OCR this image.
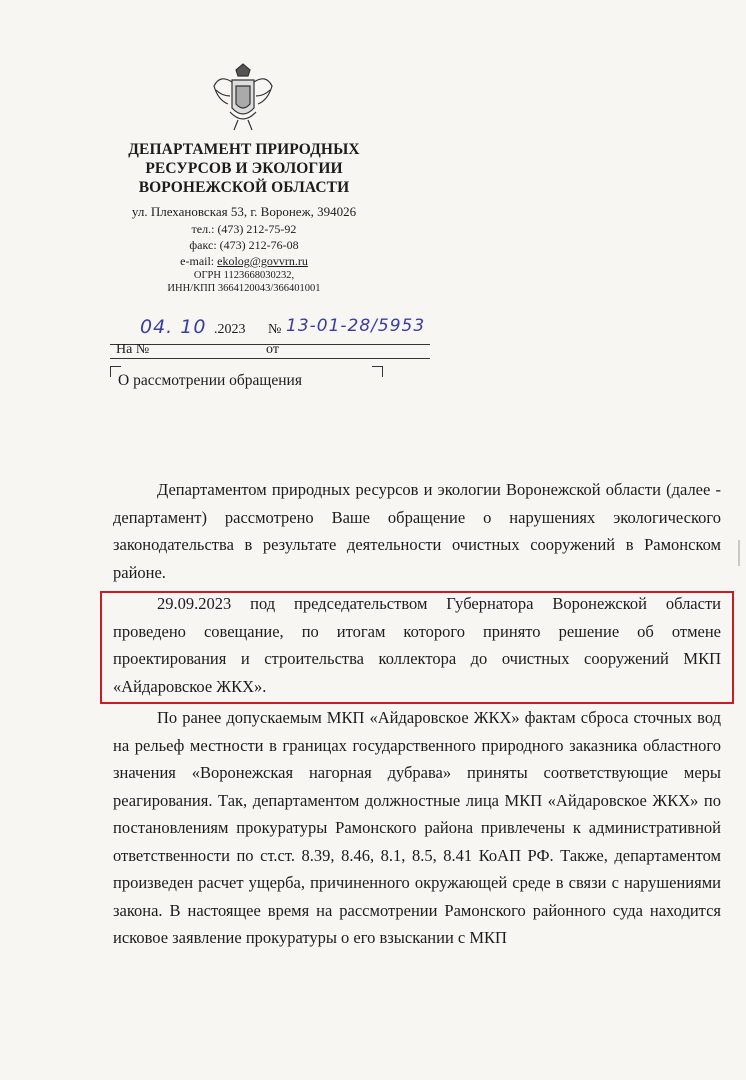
ДЕПАРТАМЕНТ ПРИРОДНЫХ
РЕСУРСОВ И ЭКОЛОГИИ
ВОРОНЕЖСКОЙ ОБЛАСТИ
ул. Плехановская 53, г. Воронеж, 394026
тел.: (473) 212-75-92
факс: (473) 212-76-08
e-mail: ekolog@govvrn.ru
ОГРН 1123668030232,
ИНН/КПП 3664120043/366401001
04. 10 .2023 № 13-01-28/5953
На №	от
О рассмотрении обращения

Департаментом природных ресурсов и экологии Воронежской области (далее - департамент) рассмотрено Ваше обращение о нарушениях экологического законодательства в результате деятельности очистных сооружений в Рамонском районе.

29.09.2023 под председательством Губернатора Воронежской области проведено совещание, по итогам которого принято решение об отмене проектирования и строительства коллектора до очистных сооружений МКП «Айдаровское ЖКХ».

По ранее допускаемым МКП «Айдаровское ЖКХ» фактам сброса сточных вод на рельеф местности в границах государственного природного заказника областного значения «Воронежская нагорная дубрава» приняты соответствующие меры реагирования. Так, департаментом должностные лица МКП «Айдаровское ЖКХ» по постановлениям прокуратуры Рамонского района привлечены к административной ответственности по ст.ст. 8.39, 8.46, 8.1, 8.5, 8.41 КоАП РФ. Также, департаментом произведен расчет ущерба, причиненного окружающей среде в связи с нарушениями закона. В настоящее время на рассмотрении Рамонского районного суда находится исковое заявление прокуратуры о его взыскании с МКП
